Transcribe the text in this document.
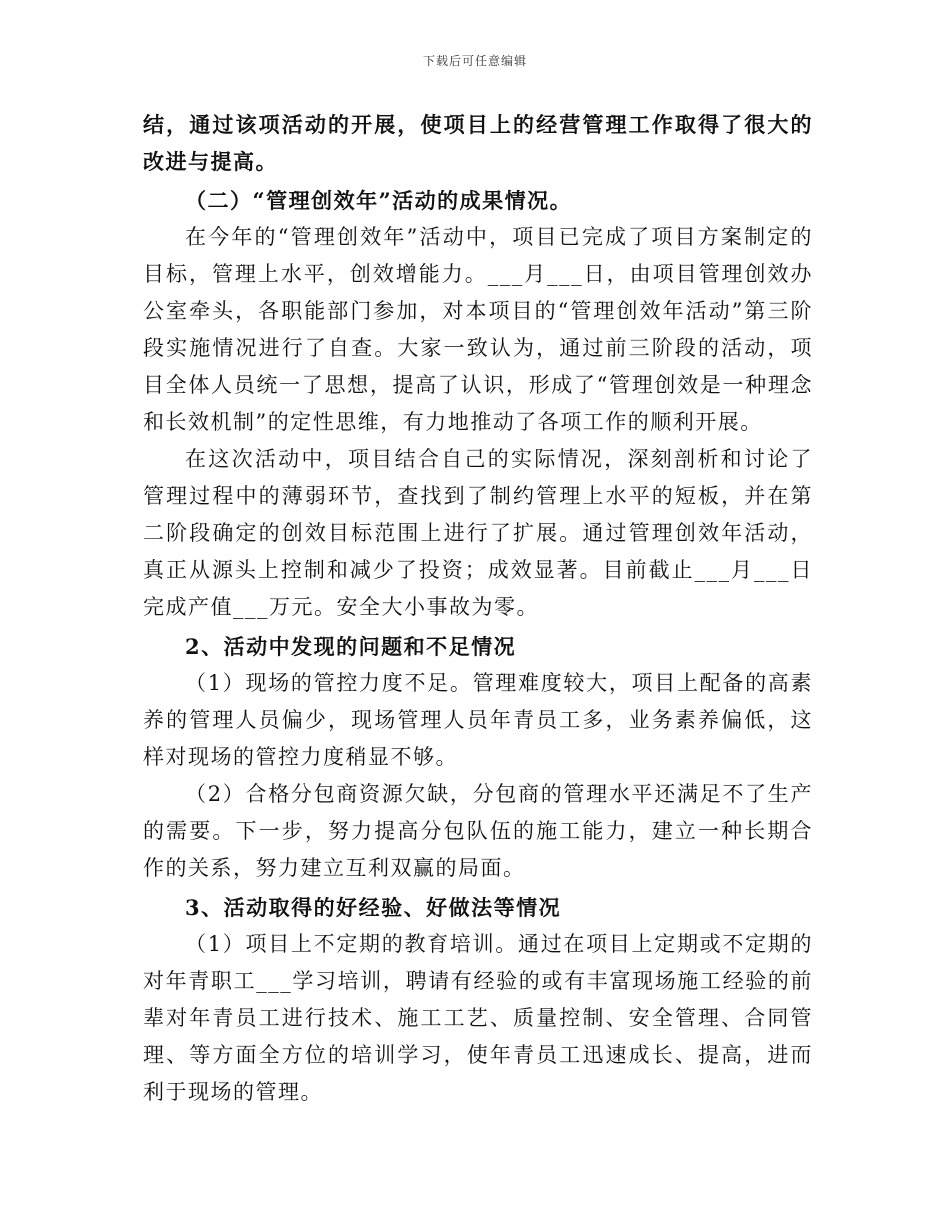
下载后可任意编辑

结，通过该项活动的开展，使项目上的经营管理工作取得了很大的改进与提高。

（二）“管理创效年”活动的成果情况。

在今年的“管理创效年”活动中，项目已完成了项目方案制定的目标，管理上水平，创效增能力。___月___日，由项目管理创效办公室牵头，各职能部门参加，对本项目的“管理创效年活动”第三阶段实施情况进行了自查。大家一致认为，通过前三阶段的活动，项目全体人员统一了思想，提高了认识，形成了“管理创效是一种理念和长效机制”的定性思维，有力地推动了各项工作的顺利开展。

在这次活动中，项目结合自己的实际情况，深刻剖析和讨论了管理过程中的薄弱环节，查找到了制约管理上水平的短板，并在第二阶段确定的创效目标范围上进行了扩展。通过管理创效年活动，真正从源头上控制和减少了投资；成效显著。目前截止___月___日完成产值___万元。安全大小事故为零。

2、活动中发现的问题和不足情况

（1）现场的管控力度不足。管理难度较大，项目上配备的高素养的管理人员偏少，现场管理人员年青员工多，业务素养偏低，这样对现场的管控力度稍显不够。

（2）合格分包商资源欠缺，分包商的管理水平还满足不了生产的需要。下一步，努力提高分包队伍的施工能力，建立一种长期合作的关系，努力建立互利双赢的局面。

3、活动取得的好经验、好做法等情况

（1）项目上不定期的教育培训。通过在项目上定期或不定期的对年青职工___学习培训，聘请有经验的或有丰富现场施工经验的前辈对年青员工进行技术、施工工艺、质量控制、安全管理、合同管理、等方面全方位的培训学习，使年青员工迅速成长、提高，进而利于现场的管理。
